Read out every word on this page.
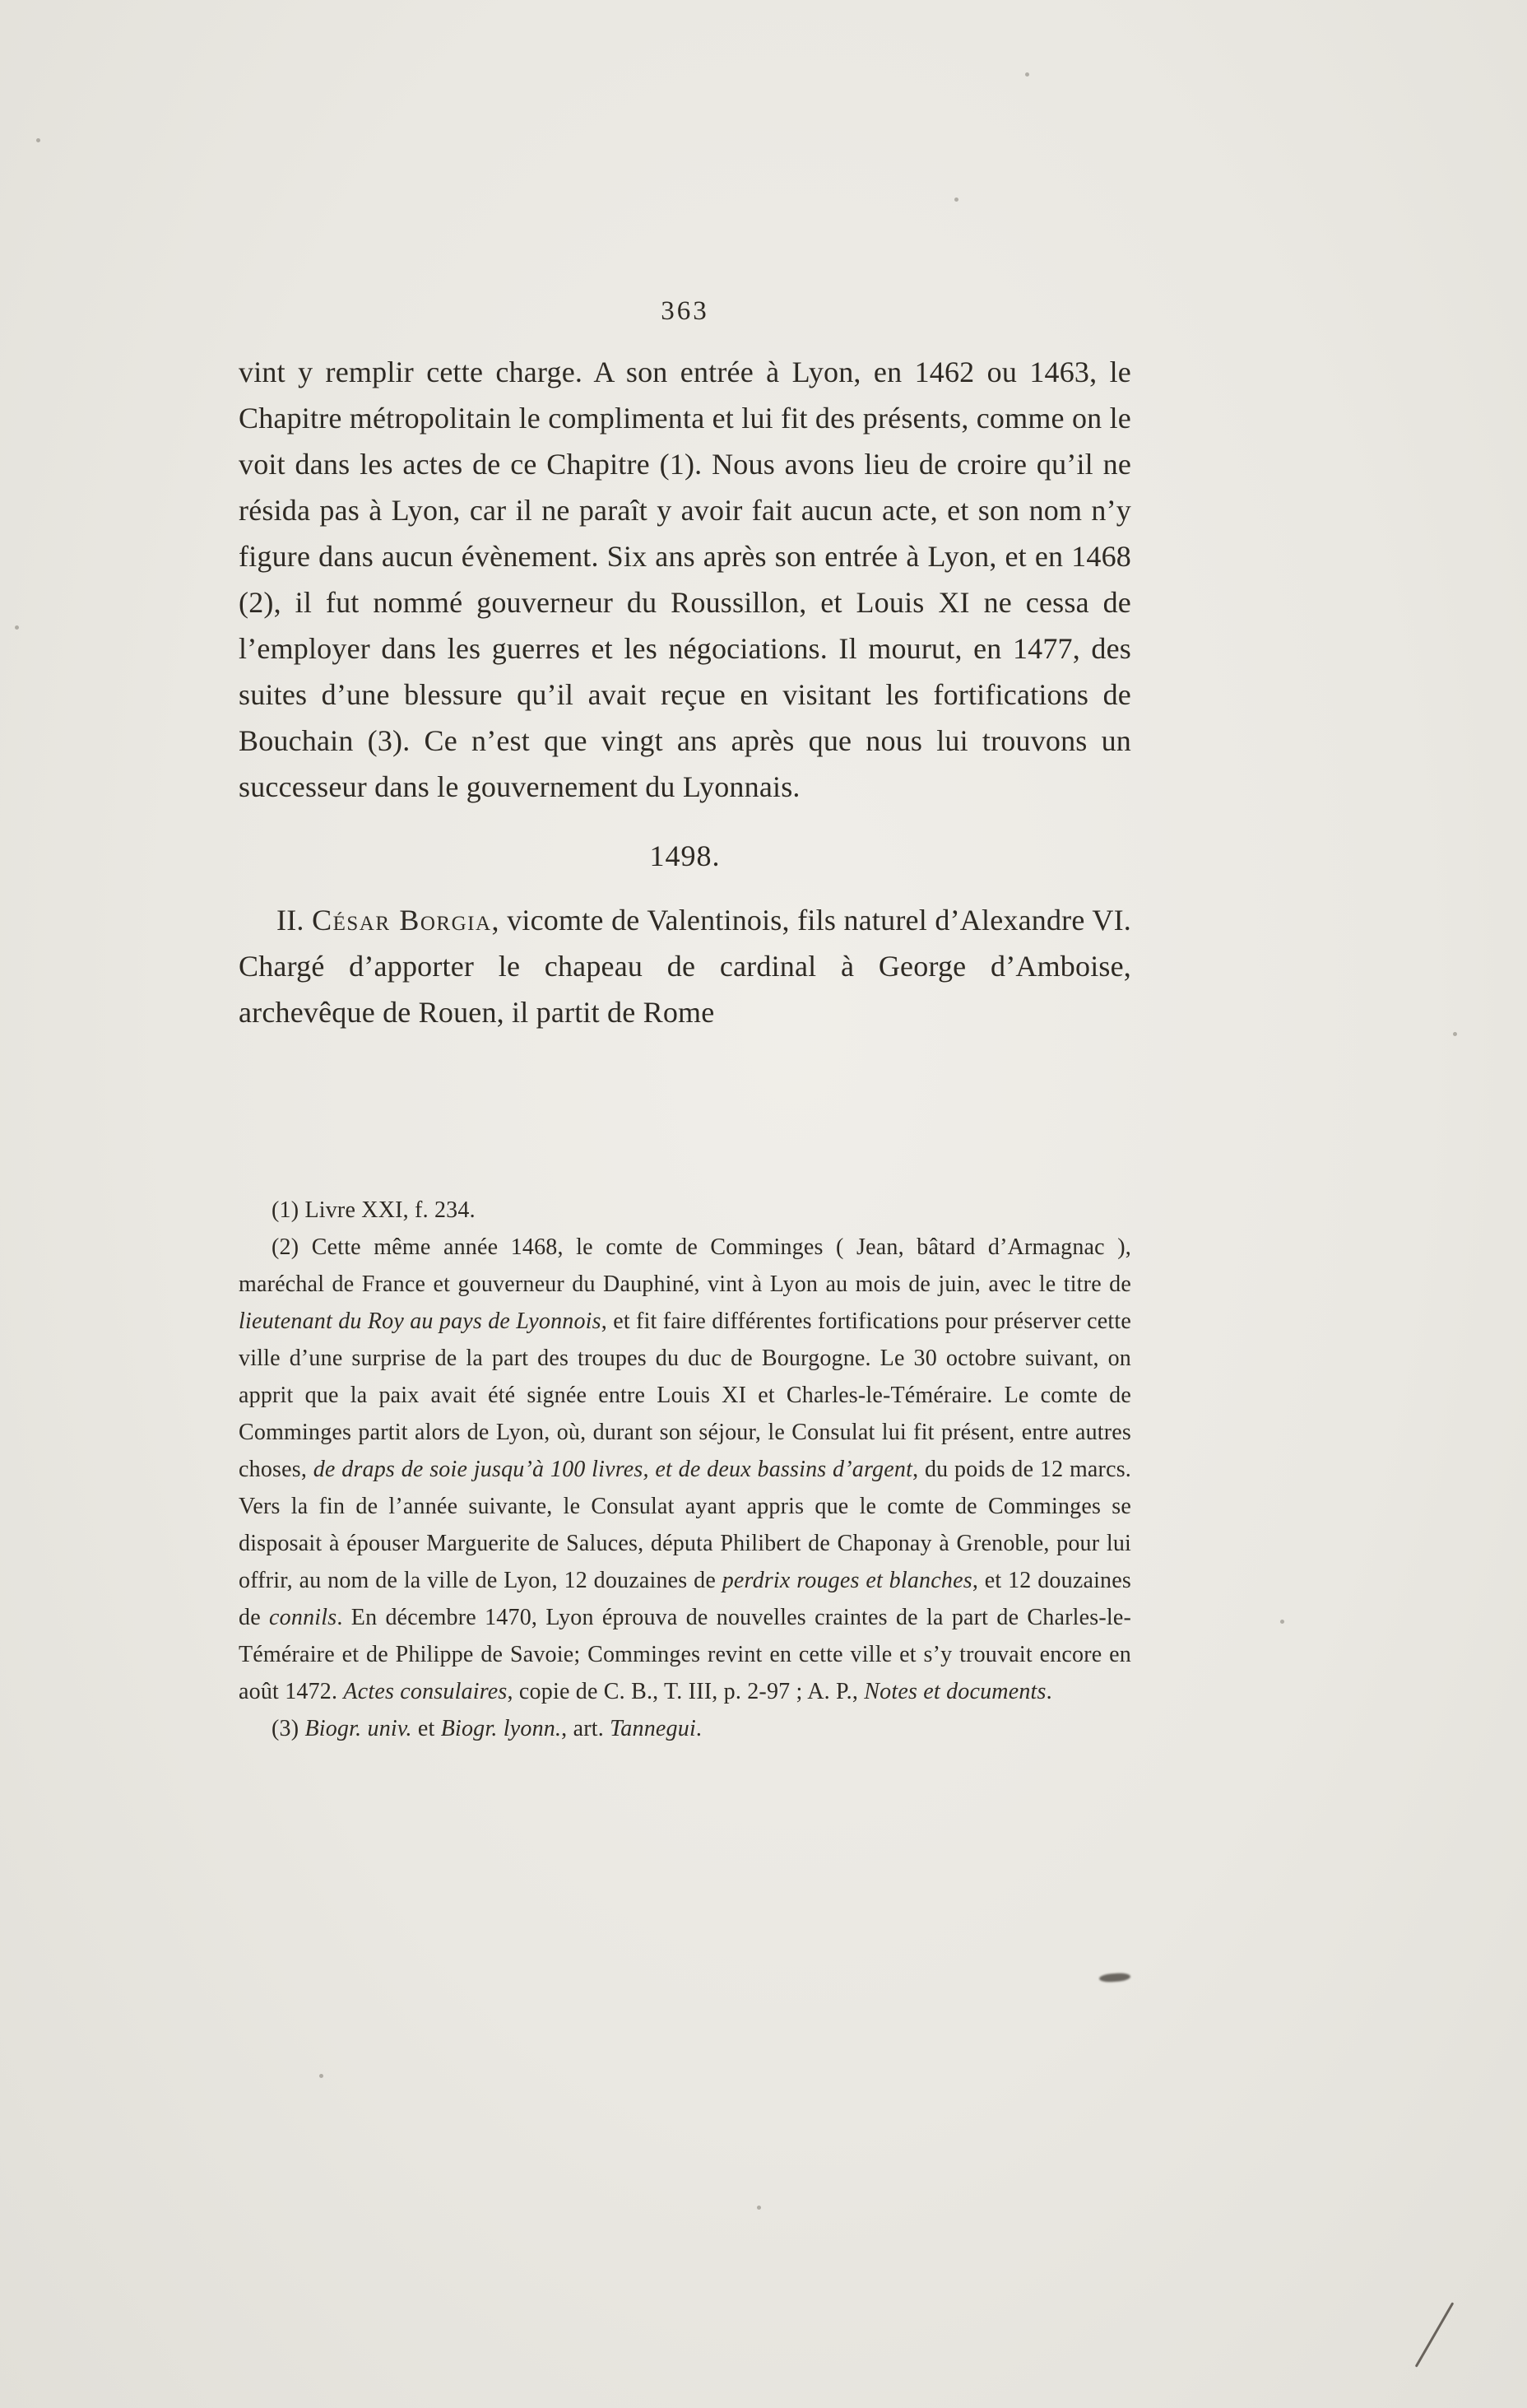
363

vint y remplir cette charge. A son entrée à Lyon, en 1462 ou 1463, le Chapitre métropolitain le complimenta et lui fit des présents, comme on le voit dans les actes de ce Chapitre (1). Nous avons lieu de croire qu’il ne résida pas à Lyon, car il ne paraît y avoir fait aucun acte, et son nom n’y figure dans aucun évènement. Six ans après son entrée à Lyon, et en 1468 (2), il fut nommé gouverneur du Roussillon, et Louis XI ne cessa de l’employer dans les guerres et les négociations. Il mourut, en 1477, des suites d’une blessure qu’il avait reçue en visitant les fortifications de Bouchain (3). Ce n’est que vingt ans après que nous lui trouvons un successeur dans le gouvernement du Lyonnais.

1498.

II. César Borgia, vicomte de Valentinois, fils naturel d’Alexandre VI. Chargé d’apporter le chapeau de cardinal à George d’Amboise, archevêque de Rouen, il partit de Rome

(1) Livre XXI, f. 234.

(2) Cette même année 1468, le comte de Comminges ( Jean, bâtard d’Armagnac ), maréchal de France et gouverneur du Dauphiné, vint à Lyon au mois de juin, avec le titre de lieutenant du Roy au pays de Lyonnois, et fit faire différentes fortifications pour préserver cette ville d’une surprise de la part des troupes du duc de Bourgogne. Le 30 octobre suivant, on apprit que la paix avait été signée entre Louis XI et Charles-le-Téméraire. Le comte de Comminges partit alors de Lyon, où, durant son séjour, le Consulat lui fit présent, entre autres choses, de draps de soie jusqu’à 100 livres, et de deux bassins d’argent, du poids de 12 marcs. Vers la fin de l’année suivante, le Consulat ayant appris que le comte de Comminges se disposait à épouser Marguerite de Saluces, députa Philibert de Chaponay à Grenoble, pour lui offrir, au nom de la ville de Lyon, 12 douzaines de perdrix rouges et blanches, et 12 douzaines de connils. En décembre 1470, Lyon éprouva de nouvelles craintes de la part de Charles-le-Téméraire et de Philippe de Savoie; Comminges revint en cette ville et s’y trouvait encore en août 1472. Actes consulaires, copie de C. B., T. III, p. 2-97 ; A. P., Notes et documents.

(3) Biogr. univ. et Biogr. lyonn., art. Tannegui.
